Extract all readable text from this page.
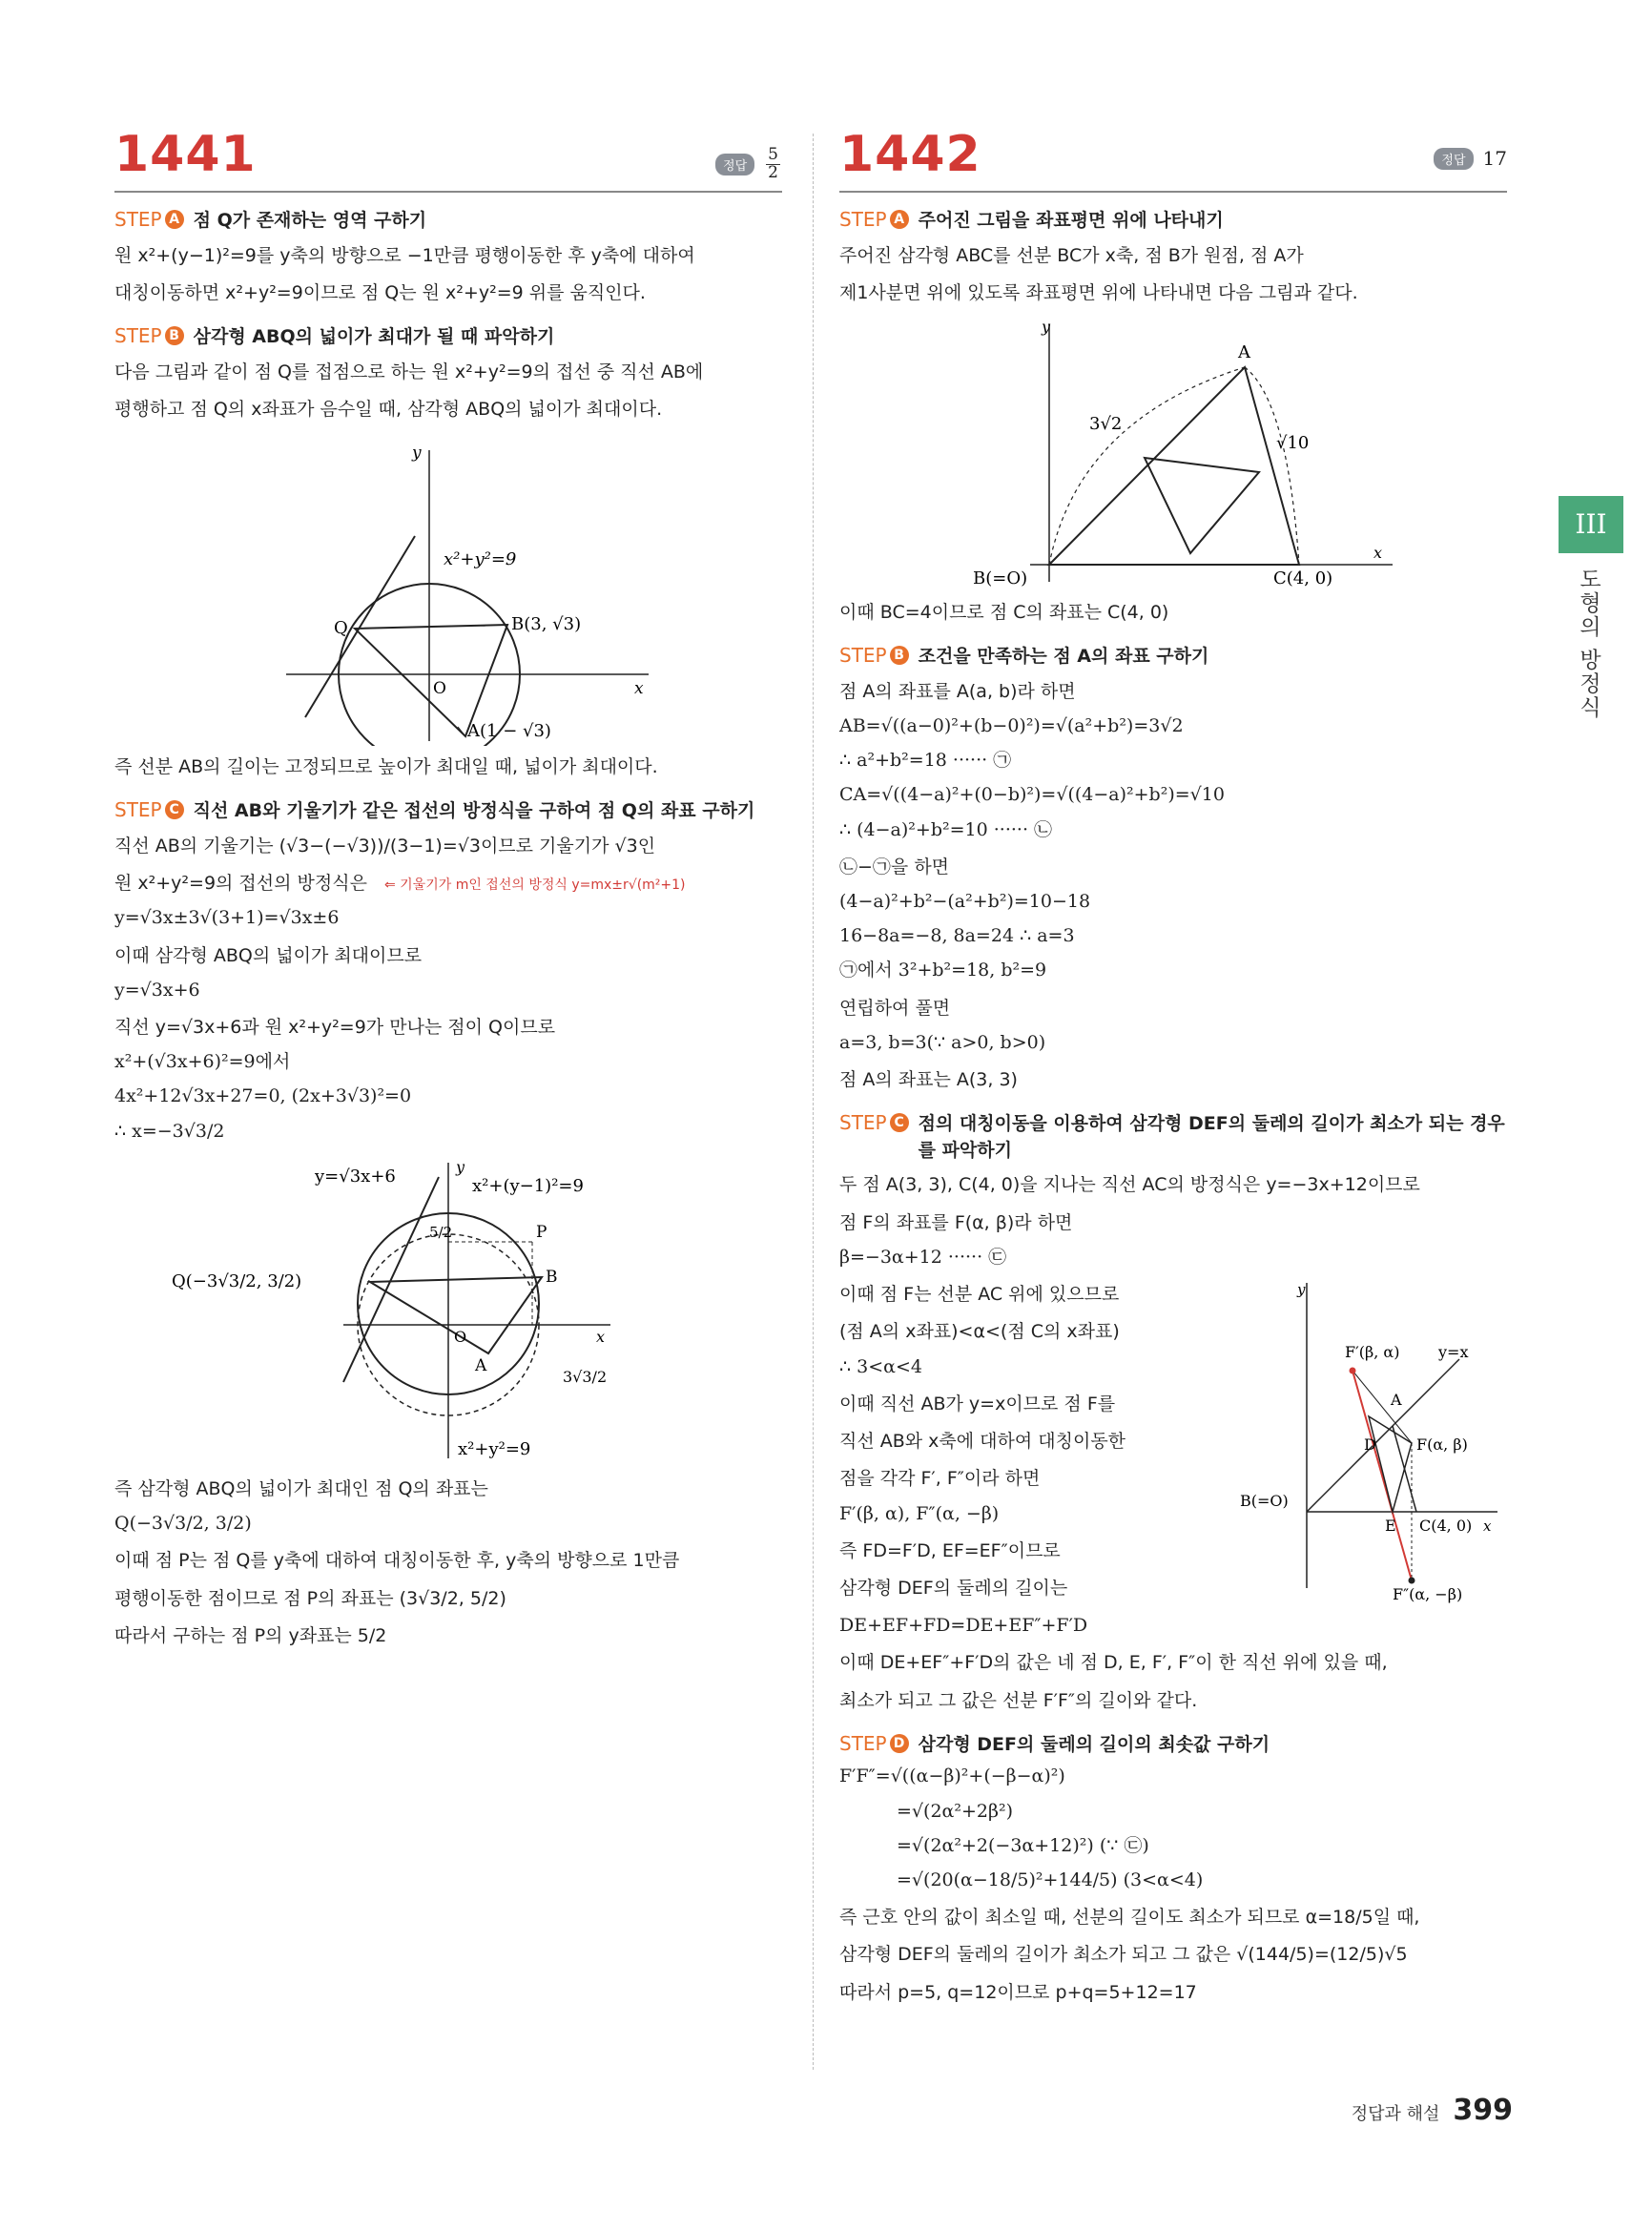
1441	정답	$\frac{5}{2}$
STEP A 점 Q가 존재하는 영역 구하기
원 x²+(y−1)²=9를 y축의 방향으로 −1만큼 평행이동한 후 y축에 대하여
대칭이동하면 x²+y²=9이므로 점 Q는 원 x²+y²=9 위를 움직인다.
STEP B 삼각형 ABQ의 넓이가 최대가 될 때 파악하기
다음 그림과 같이 점 Q를 접점으로 하는 원 x²+y²=9의 접선 중 직선 AB에
평행하고 점 Q의 x좌표가 음수일 때, 삼각형 ABQ의 넓이가 최대이다.
y
x
x²+y²=9
Q	B(3, √3)
O
A(1 − √3)
즉 선분 AB의 길이는 고정되므로 높이가 최대일 때, 넓이가 최대이다.
STEP C 직선 AB와 기울기가 같은 접선의 방정식을 구하여 점 Q의 좌표 구하기
직선 AB의 기울기는 (√3−(−√3))/(3−1)=√3이므로 기울기가 √3인
원 x²+y²=9의 접선의 방정식은 ⇐ 기울기가 m인 접선의 방정식 y=mx±r√(m²+1)
y=√3x±3√(3+1)=√3x±6
이때 삼각형 ABQ의 넓이가 최대이므로
y=√3x+6
직선 y=√3x+6과 원 x²+y²=9가 만나는 점이 Q이므로
x²+(√3x+6)²=9에서
4x²+12√3x+27=0, (2x+3√3)²=0
∴ x=−3√3/2
y
x
y=√3x+6	x²+(y−1)²=9
x²+y²=9
Q(−3√3/2, 3/2)
P
B
A
O
5/2
3√3/2
즉 삼각형 ABQ의 넓이가 최대인 점 Q의 좌표는
Q(−3√3/2, 3/2)
이때 점 P는 점 Q를 y축에 대하여 대칭이동한 후, y축의 방향으로 1만큼
평행이동한 점이므로 점 P의 좌표는 (3√3/2, 5/2)
따라서 구하는 점 P의 y좌표는 5/2
1442	정답 17
STEP A 주어진 그림을 좌표평면 위에 나타내기
주어진 삼각형 ABC를 선분 BC가 x축, 점 B가 원점, 점 A가
제1사분면 위에 있도록 좌표평면 위에 나타내면 다음 그림과 같다.
y
x
A
B(=O)	C(4, 0)
3√2
√10
이때 BC=4이므로 점 C의 좌표는 C(4, 0)
STEP B 조건을 만족하는 점 A의 좌표 구하기
점 A의 좌표를 A(a, b)라 하면
AB=√((a−0)²+(b−0)²)=√(a²+b²)=3√2
∴ a²+b²=18 ······ ㉠
CA=√((4−a)²+(0−b)²)=√((4−a)²+b²)=√10
∴ (4−a)²+b²=10 ······ ㉡
㉡−㉠을 하면
(4−a)²+b²−(a²+b²)=10−18
16−8a=−8, 8a=24 ∴ a=3
㉠에서 3²+b²=18, b²=9
연립하여 풀면
a=3, b=3(∵ a>0, b>0)
점 A의 좌표는 A(3, 3)
STEP C 점의 대칭이동을 이용하여 삼각형 DEF의 둘레의 길이가 최소가 되는 경우를 파악하기
두 점 A(3, 3), C(4, 0)을 지나는 직선 AC의 방정식은 y=−3x+12이므로
점 F의 좌표를 F(α, β)라 하면
β=−3α+12 ······ ㉢
이때 점 F는 선분 AC 위에 있으므로
(점 A의 x좌표)<α<(점 C의 x좌표)
∴ 3<α<4
이때 직선 AB가 y=x이므로 점 F를
직선 AB와 x축에 대하여 대칭이동한
점을 각각 F′, F″이라 하면
F′(β, α), F″(α, −β)
즉 FD=F′D, EF=EF″이므로
삼각형 DEF의 둘레의 길이는
y
x
F′(β, α)	y=x
A
D	F(α, β)
B(=O)
E C(4, 0)
F″(α, −β)
DE+EF+FD=DE+EF″+F′D
이때 DE+EF″+F′D의 값은 네 점 D, E, F′, F″이 한 직선 위에 있을 때,
최소가 되고 그 값은 선분 F′F″의 길이와 같다.
STEP D 삼각형 DEF의 둘레의 길이의 최솟값 구하기
F′F″=√((α−β)²+(−β−α)²)
=√(2α²+2β²)
=√(2α²+2(−3α+12)²) (∵ ㉢)
=√(20(α−18/5)²+144/5) (3<α<4)
즉 근호 안의 값이 최소일 때, 선분의 길이도 최소가 되므로 α=18/5일 때,
삼각형 DEF의 둘레의 길이가 최소가 되고 그 값은 √(144/5)=(12/5)√5
따라서 p=5, q=12이므로 p+q=5+12=17
III
도형의 방정식
정답과 해설 399
